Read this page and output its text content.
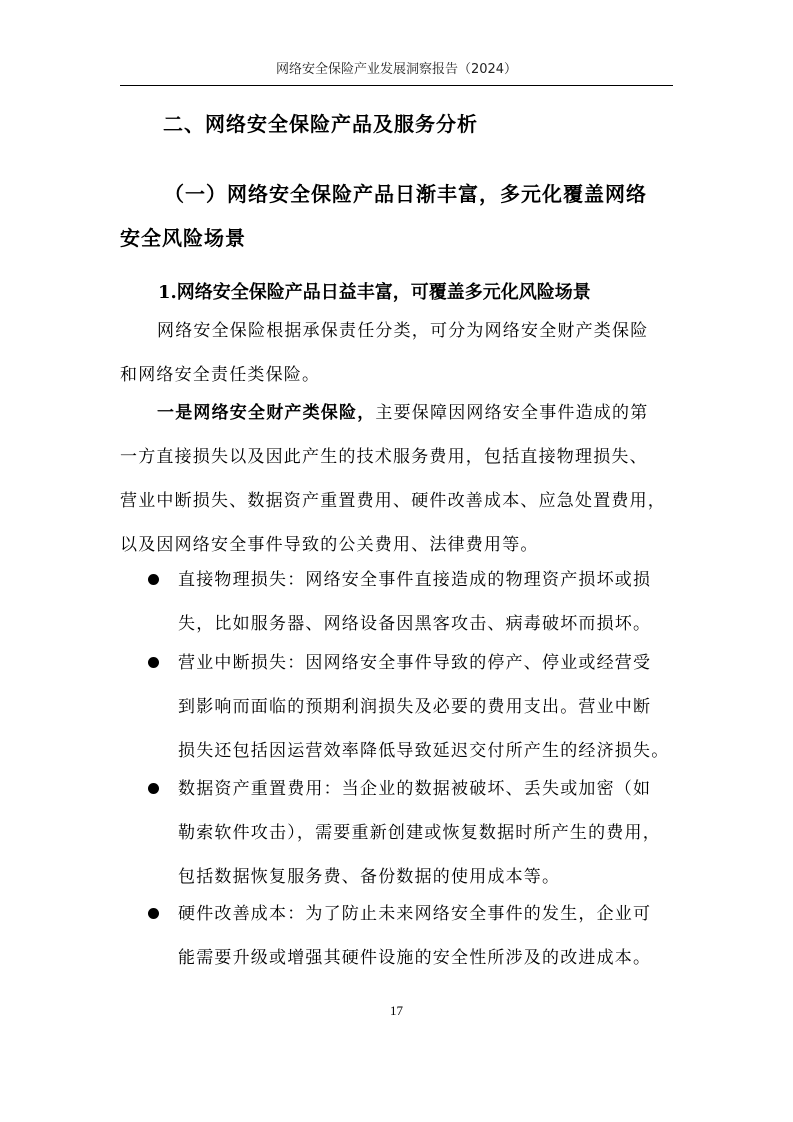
网络安全保险产业发展洞察报告（2024）
二、网络安全保险产品及服务分析
（一）网络安全保险产品日渐丰富，多元化覆盖网络
安全风险场景
1.网络安全保险产品日益丰富，可覆盖多元化风险场景
网络安全保险根据承保责任分类，可分为网络安全财产类保险
和网络安全责任类保险。
一是网络安全财产类保险，主要保障因网络安全事件造成的第
一方直接损失以及因此产生的技术服务费用，包括直接物理损失、
营业中断损失、数据资产重置费用、硬件改善成本、应急处置费用，
以及因网络安全事件导致的公关费用、法律费用等。
直接物理损失：网络安全事件直接造成的物理资产损坏或损
失，比如服务器、网络设备因黑客攻击、病毒破坏而损坏。
营业中断损失：因网络安全事件导致的停产、停业或经营受
到影响而面临的预期利润损失及必要的费用支出。营业中断
损失还包括因运营效率降低导致延迟交付所产生的经济损失。
数据资产重置费用：当企业的数据被破坏、丢失或加密（如
勒索软件攻击），需要重新创建或恢复数据时所产生的费用，
包括数据恢复服务费、备份数据的使用成本等。
硬件改善成本：为了防止未来网络安全事件的发生，企业可
能需要升级或增强其硬件设施的安全性所涉及的改进成本。
17
